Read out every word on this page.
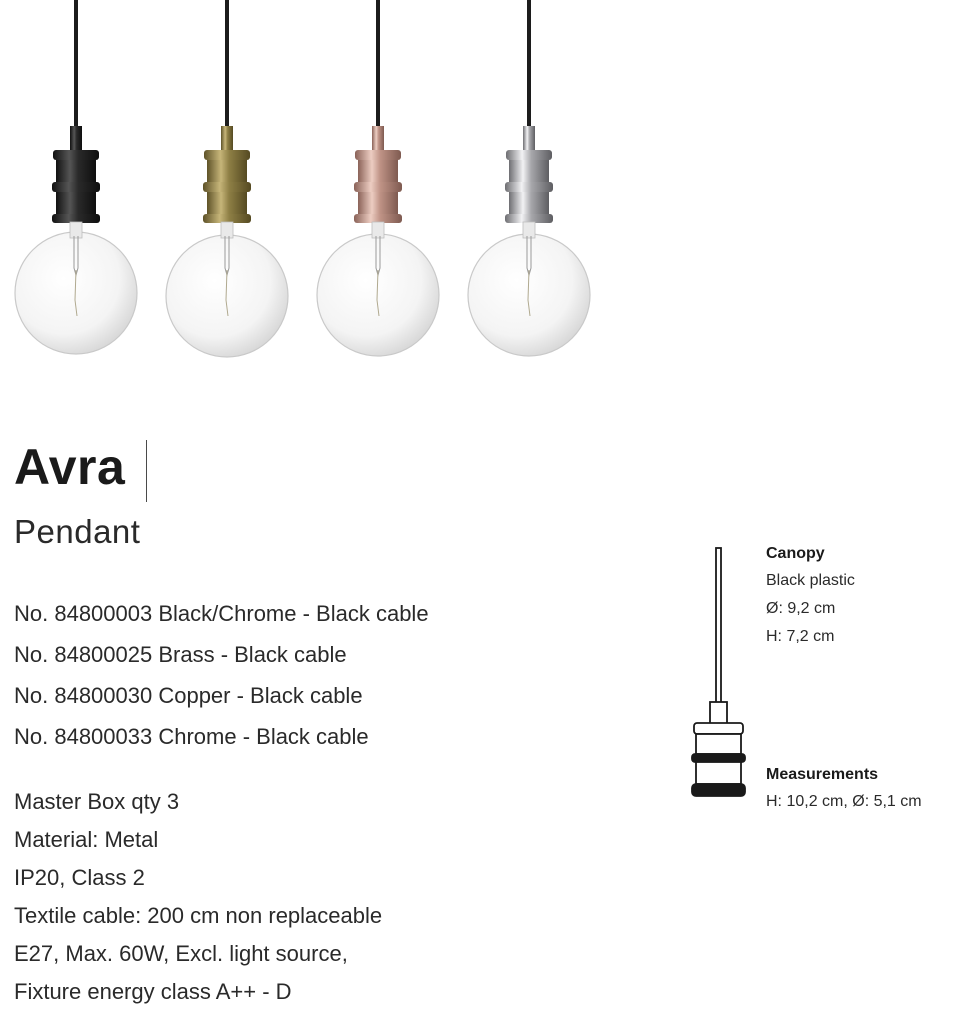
Avra
Pendant
No. 84800003 Black/Chrome - Black cable
No. 84800025 Brass - Black cable
No. 84800030 Copper - Black cable
No. 84800033 Chrome - Black cable
Master Box qty 3
Material: Metal
IP20, Class 2
Textile cable: 200 cm non replaceable
E27, Max. 60W, Excl. light source,
Fixture energy class A++ - D
Canopy
Black plastic
Ø: 9,2 cm
H: 7,2 cm
Measurements
H: 10,2 cm, Ø: 5,1 cm
